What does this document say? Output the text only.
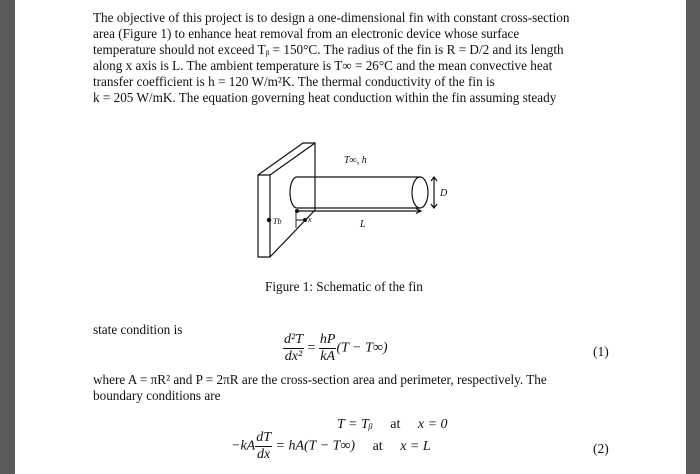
The objective of this project is to design a one-dimensional fin with constant cross-section
area (Figure 1) to enhance heat removal from an electronic device whose surface
temperature should not exceed Tᵦ = 150°C. The radius of the fin is R = D/2 and its length
along x axis is L. The ambient temperature is T∞ = 26°C and the mean convective heat
transfer coefficient is h = 120 W/m²K. The thermal conductivity of the fin is
k = 205 W/mK. The equation governing heat conduction within the fin assuming steady
T∞, h
D
Tb	x	L
Figure 1: Schematic of the fin
state condition is
$\frac{\text{d²T}}{\text{dx²}} = \frac{hP}{kA} (T - T\infty)$	(1)
where A = πR² and P = 2πR are the cross-section area and perimeter, respectively. The
boundary conditions are
T = Tᵦ at x = 0
$-kA \frac{dT}{dx} = hA(T - T\infty)$ at x = L	(2)
